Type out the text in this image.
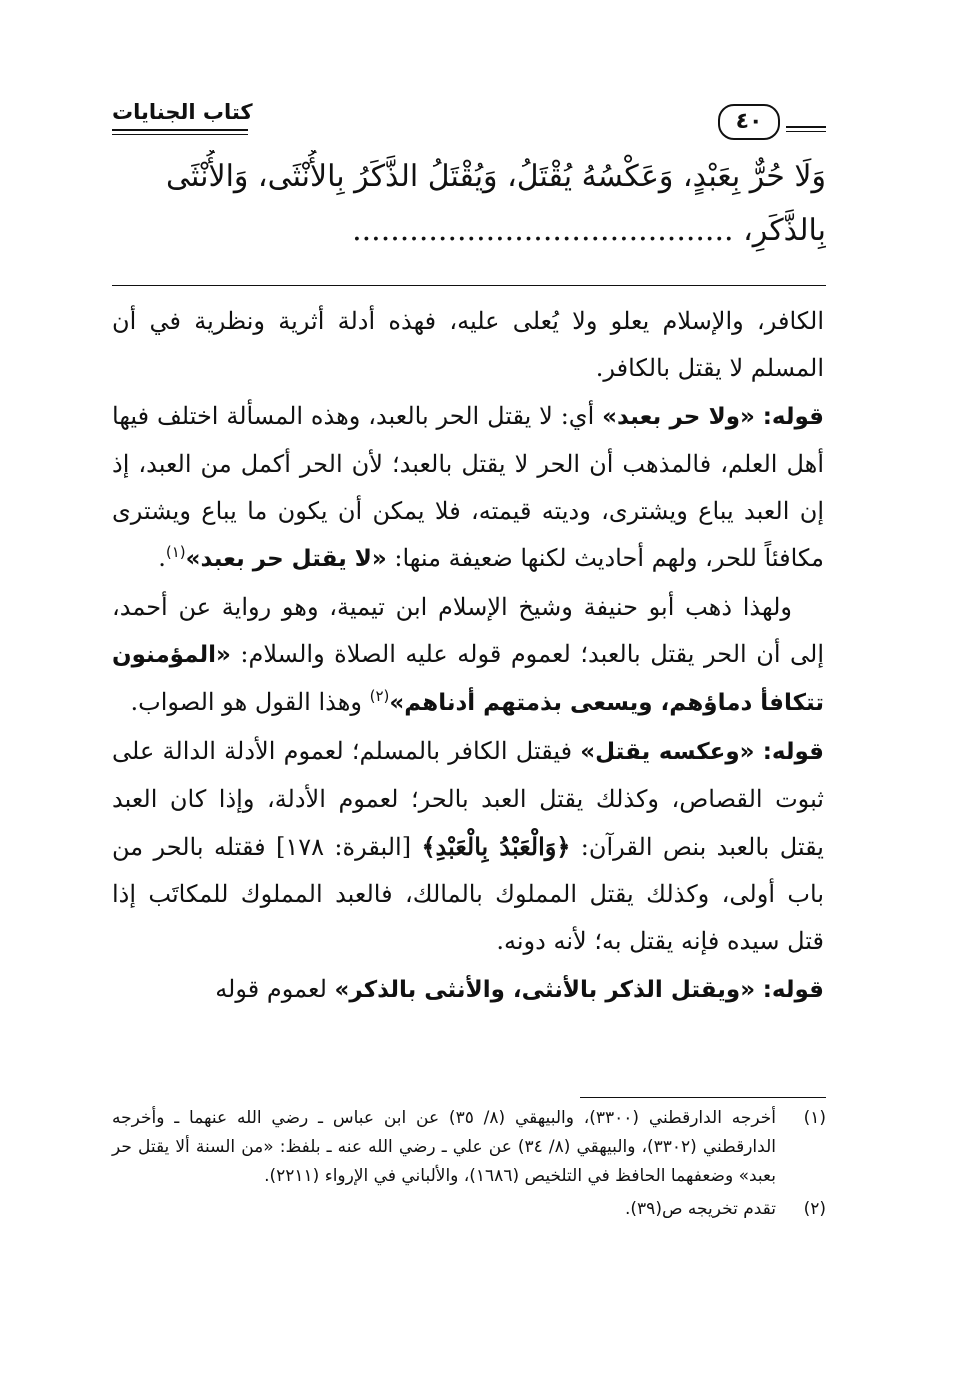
كتاب الجنايات	٤٠
وَلَا حُرٌّ بِعَبْدٍ، وَعَكْسُهُ يُقْتَلُ، وَيُقْتَلُ الذَّكَرُ بِالأُنْثَى، وَالأُنْثَى
بِالذَّكَرِ، ........................................

الكافر، والإسلام يعلو ولا يُعلى عليه، فهذه أدلة أثرية ونظرية في أن المسلم لا يقتل بالكافر.

قوله: «ولا حر بعبد» أي: لا يقتل الحر بالعبد، وهذه المسألة اختلف فيها أهل العلم، فالمذهب أن الحر لا يقتل بالعبد؛ لأن الحر أكمل من العبد، إذ إن العبد يباع ويشترى، وديته قيمته، فلا يمكن أن يكون ما يباع ويشترى مكافئاً للحر، ولهم أحاديث لكنها ضعيفة منها: «لا يقتل حر بعبد»$^{(١)}$.

ولهذا ذهب أبو حنيفة وشيخ الإسلام ابن تيمية، وهو رواية عن أحمد، إلى أن الحر يقتل بالعبد؛ لعموم قوله عليه الصلاة والسلام: «المؤمنون تتكافأ دماؤهم، ويسعى بذمتهم أدناهم»$^{(٢)}$ وهذا القول هو الصواب.

قوله: «وعكسه يقتل» فيقتل الكافر بالمسلم؛ لعموم الأدلة الدالة على ثبوت القصاص، وكذلك يقتل العبد بالحر؛ لعموم الأدلة، وإذا كان العبد يقتل بالعبد بنص القرآن: ﴿وَالْعَبْدُ بِالْعَبْدِ﴾ [البقرة: ١٧٨] فقتله بالحر من باب أولى، وكذلك يقتل المملوك بالمالك، فالعبد المملوك للمكاتَب إذا قتل سيده فإنه يقتل به؛ لأنه دونه.

قوله: «ويقتل الذكر بالأنثى، والأنثى بالذكر» لعموم قوله

(١)
أخرجه الدارقطني (٣٣٠٠)، والبيهقي (٨/ ٣٥) عن ابن عباس ـ رضي الله عنهما ـ وأخرجه الدارقطني (٣٣٠٢)، والبيهقي (٨/ ٣٤) عن علي ـ رضي الله عنه ـ بلفظ: «من السنة ألا يقتل حر بعبد» وضعفهما الحافظ في التلخيص (١٦٨٦)، والألباني في الإرواء (٢٢١١).
(٢)
تقدم تخريجه ص(٣٩).
